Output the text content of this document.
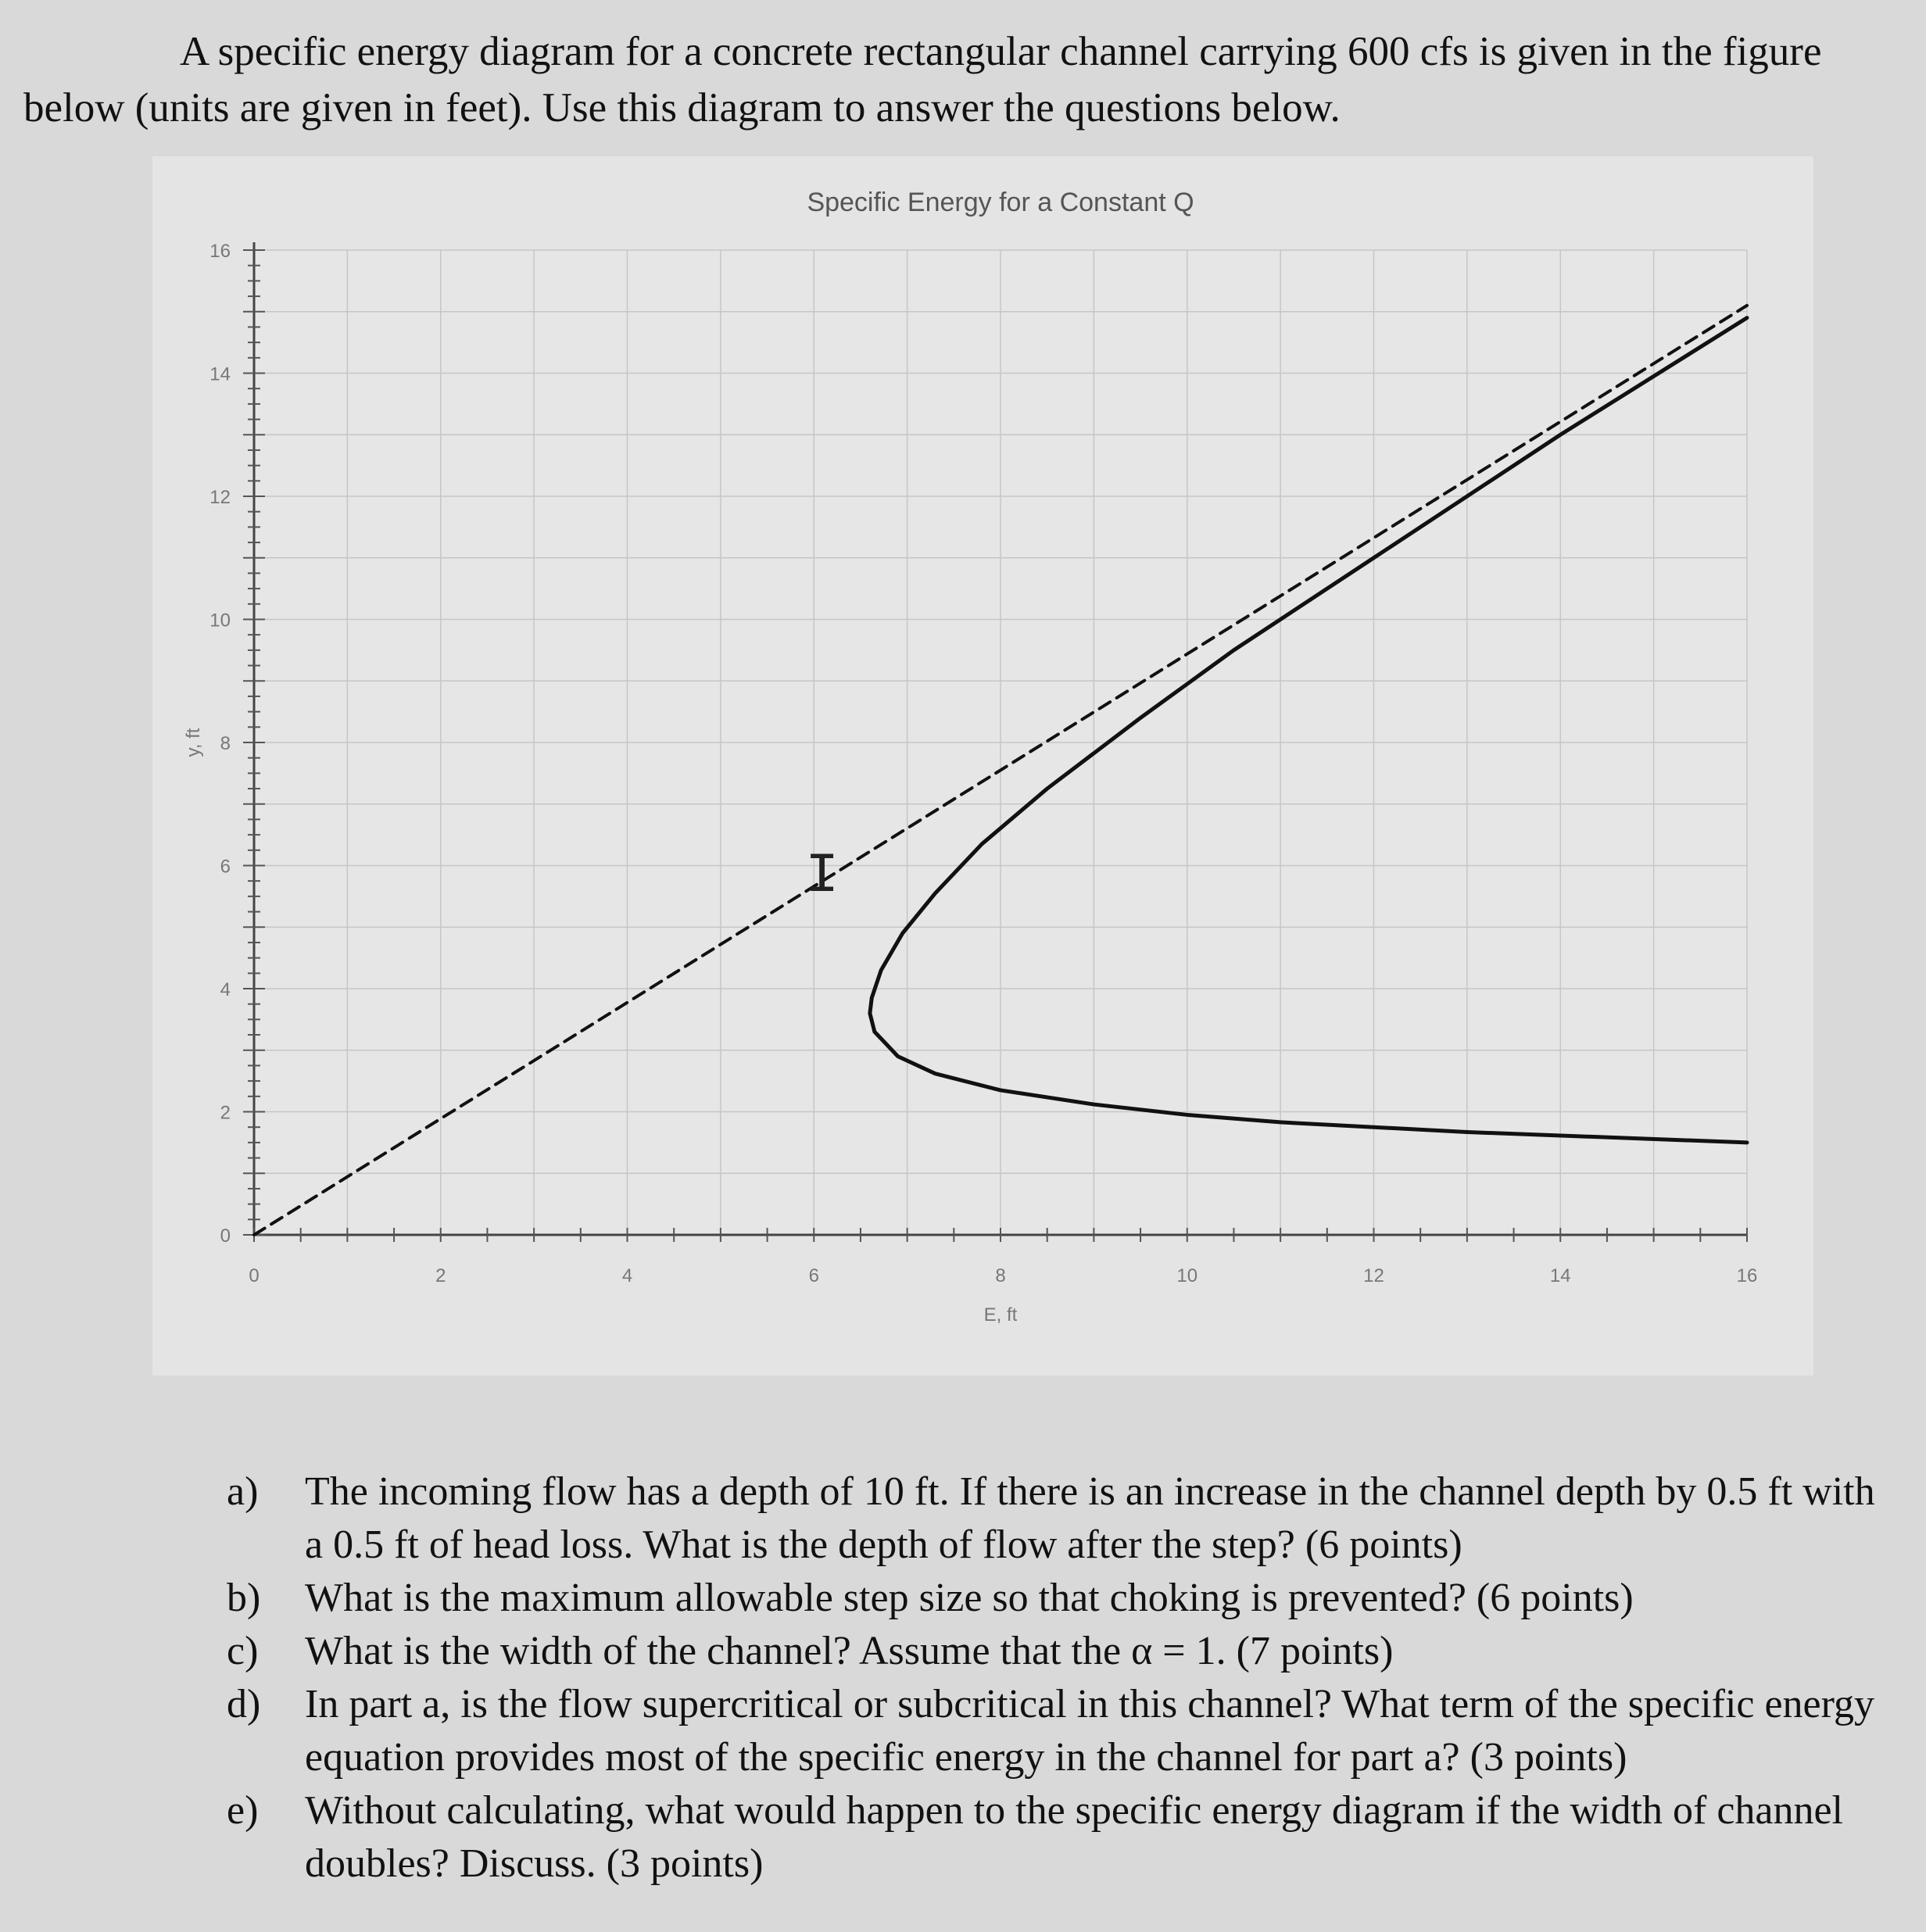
A specific energy diagram for a concrete rectangular channel carrying 600 cfs is given in the figure below (units are given in feet). Use this diagram to answer the questions below.

0	2	4	6	8	10	12	14	16
0
2
4
6
8
10
12
14
16
Specific Energy for a Constant Q
E, ft
y, ft
I
a) The incoming flow has a depth of 10 ft. If there is an increase in the channel depth by 0.5 ft with a 0.5 ft of head loss. What is the depth of flow after the step? (6 points)
b) What is the maximum allowable step size so that choking is prevented? (6 points)
c) What is the width of the channel? Assume that the α = 1. (7 points)
d) In part a, is the flow supercritical or subcritical in this channel? What term of the specific energy equation provides most of the specific energy in the channel for part a? (3 points)
e) Without calculating, what would happen to the specific energy diagram if the width of channel doubles? Discuss. (3 points)
